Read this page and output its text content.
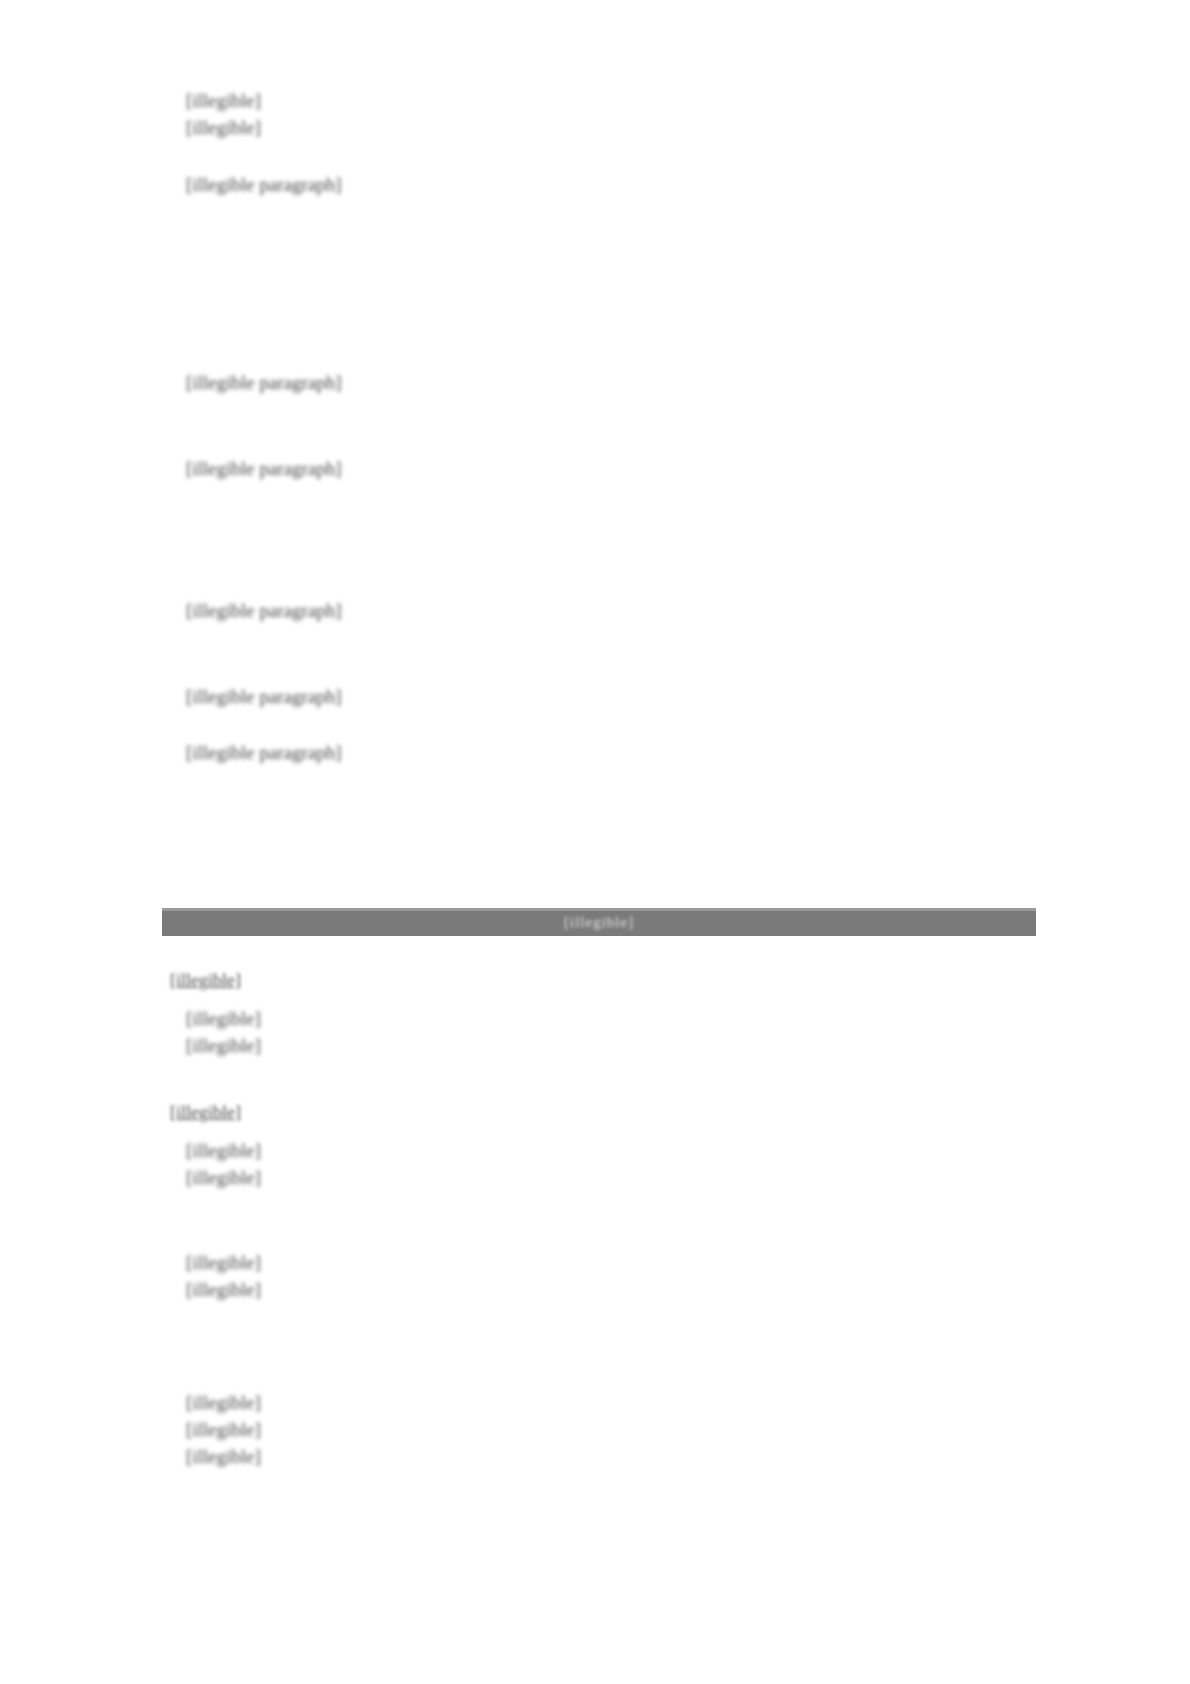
[illegible]
[illegible]
[illegible paragraph]
[illegible paragraph]
[illegible paragraph]
[illegible paragraph]
[illegible paragraph]
[illegible paragraph]
[illegible]
[illegible]
[illegible]
[illegible]
[illegible]
[illegible]
[illegible]
[illegible]
[illegible]
[illegible]
[illegible]
[illegible]
